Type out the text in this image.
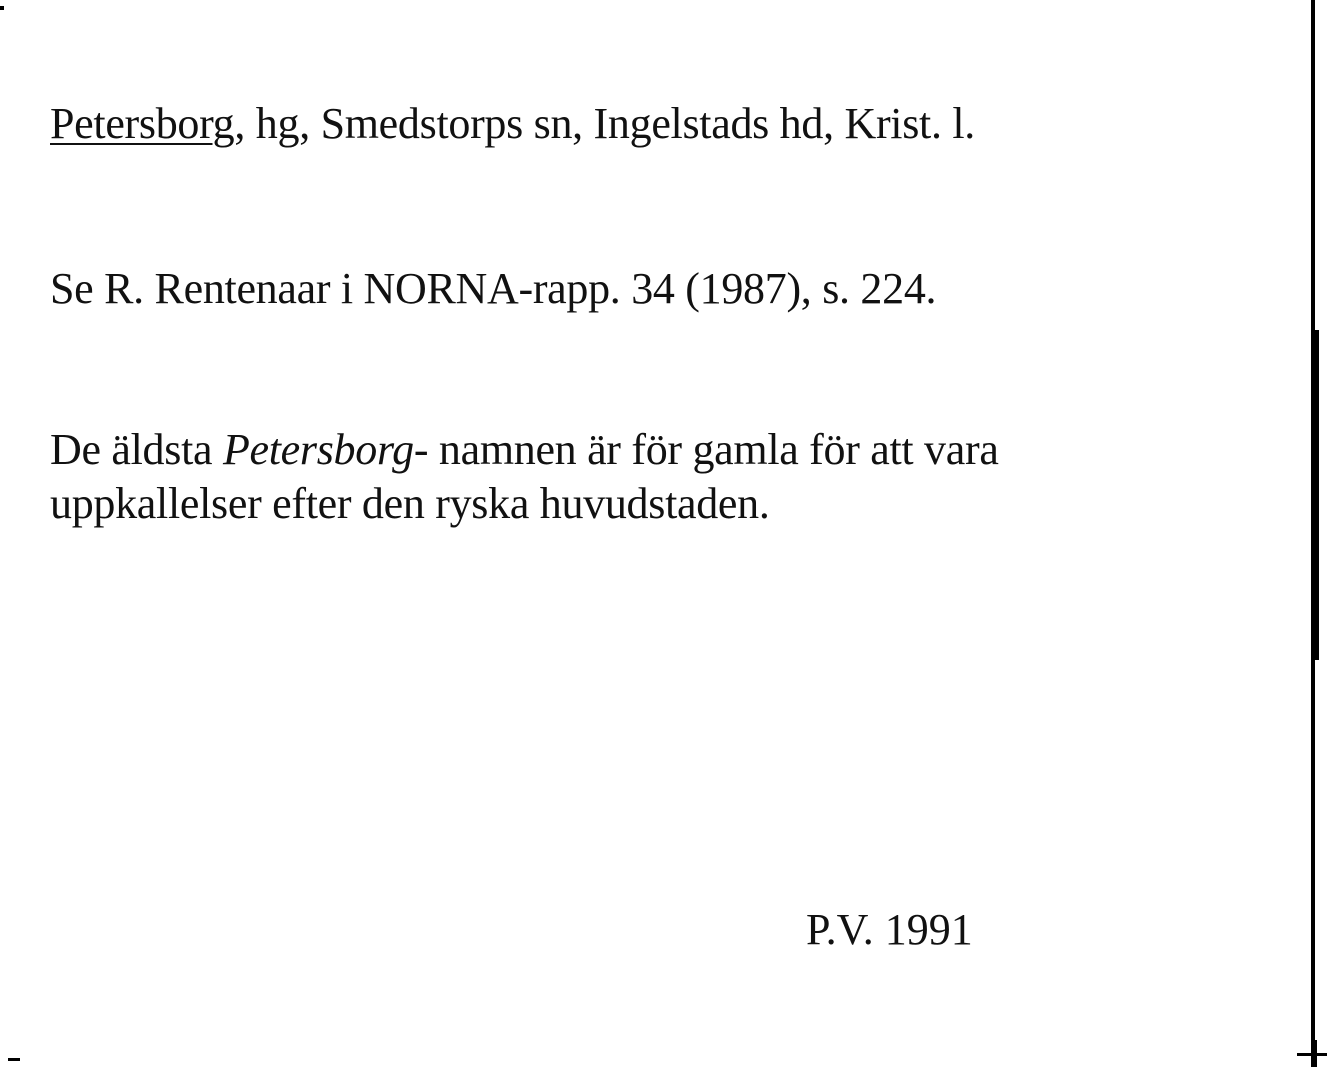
Petersborg, hg, Smedstorps sn, Ingelstads hd, Krist. l.
Se R. Rentenaar i NORNA-rapp. 34 (1987), s. 224.
De äldsta Petersborg- namnen är för gamla för att vara
uppkallelser efter den ryska huvudstaden.
P.V. 1991
